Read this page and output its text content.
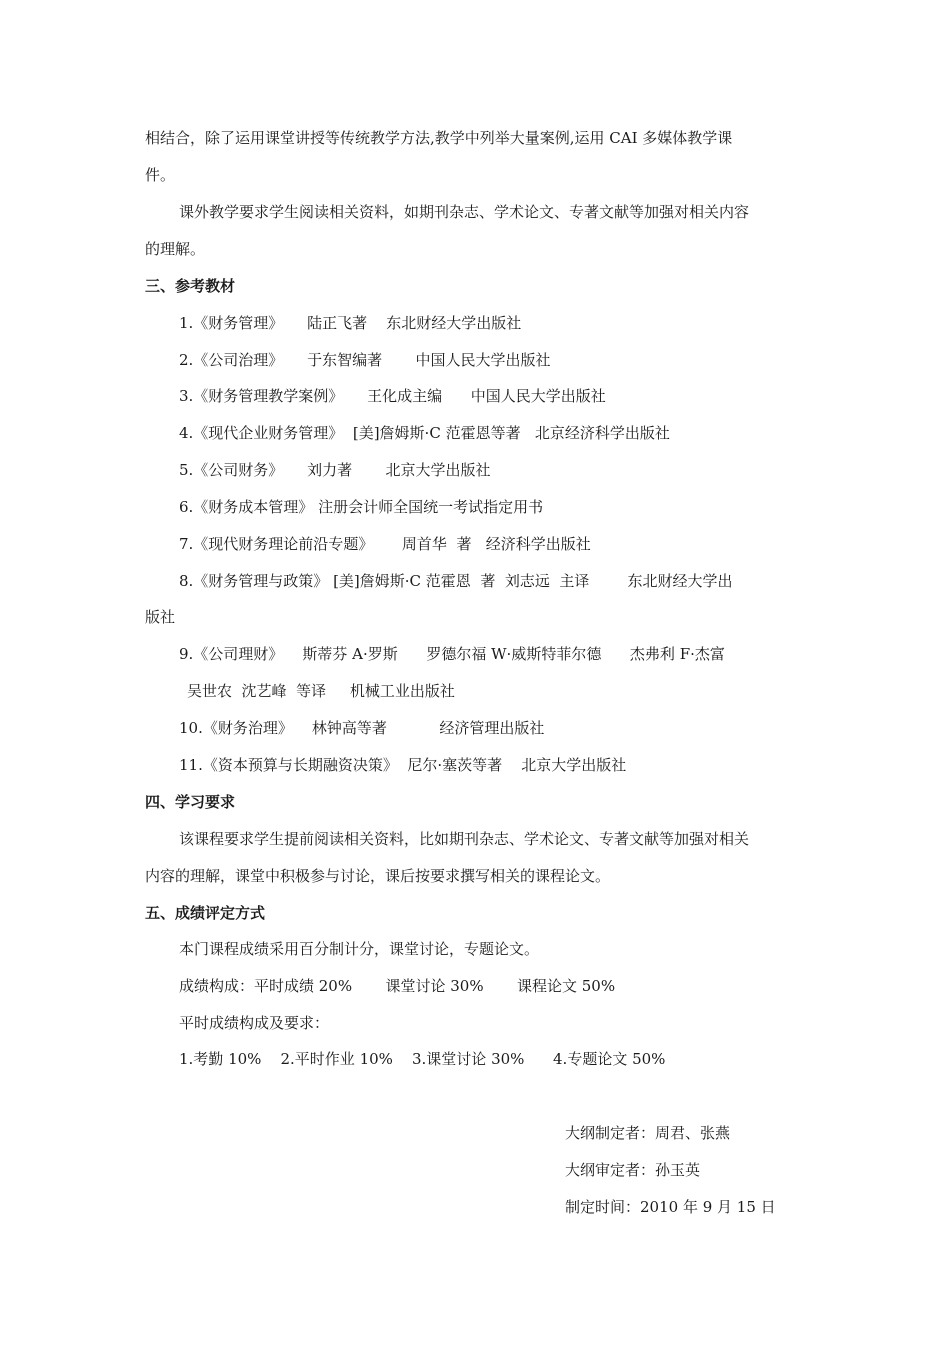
相结合，除了运用课堂讲授等传统教学方法,教学中列举大量案例,运用 CAI 多媒体教学课
件。
课外教学要求学生阅读相关资料，如期刊杂志、学术论文、专著文献等加强对相关内容
的理解。
三、参考教材
1.《财务管理》     陆正飞著    东北财经大学出版社
2.《公司治理》     于东智编著       中国人民大学出版社
3.《财务管理教学案例》     王化成主编      中国人民大学出版社
4.《现代企业财务管理》  [美]詹姆斯·C 范霍恩等著   北京经济科学出版社
5.《公司财务》     刘力著       北京大学出版社
6.《财务成本管理》 注册会计师全国统一考试指定用书
7.《现代财务理论前沿专题》      周首华  著   经济科学出版社
8.《财务管理与政策》 [美]詹姆斯·C 范霍恩  著  刘志远  主译        东北财经大学出
版社
9.《公司理财》    斯蒂芬 A·罗斯      罗德尔福 W·威斯特菲尔德      杰弗利 F·杰富
吴世农  沈艺峰  等译     机械工业出版社
10.《财务治理》    林钟高等著           经济管理出版社
11.《资本预算与长期融资决策》  尼尔·塞茨等著    北京大学出版社
四、学习要求
该课程要求学生提前阅读相关资料，比如期刊杂志、学术论文、专著文献等加强对相关
内容的理解，课堂中积极参与讨论，课后按要求撰写相关的课程论文。
五、成绩评定方式
本门课程成绩采用百分制计分，课堂讨论，专题论文。
成绩构成：平时成绩 20%       课堂讨论 30%       课程论文 50%
平时成绩构成及要求：
1.考勤 10%    2.平时作业 10%    3.课堂讨论 30%      4.专题论文 50%
大纲制定者：周君、张燕
大纲审定者：孙玉英
制定时间：2010 年 9 月 15 日
